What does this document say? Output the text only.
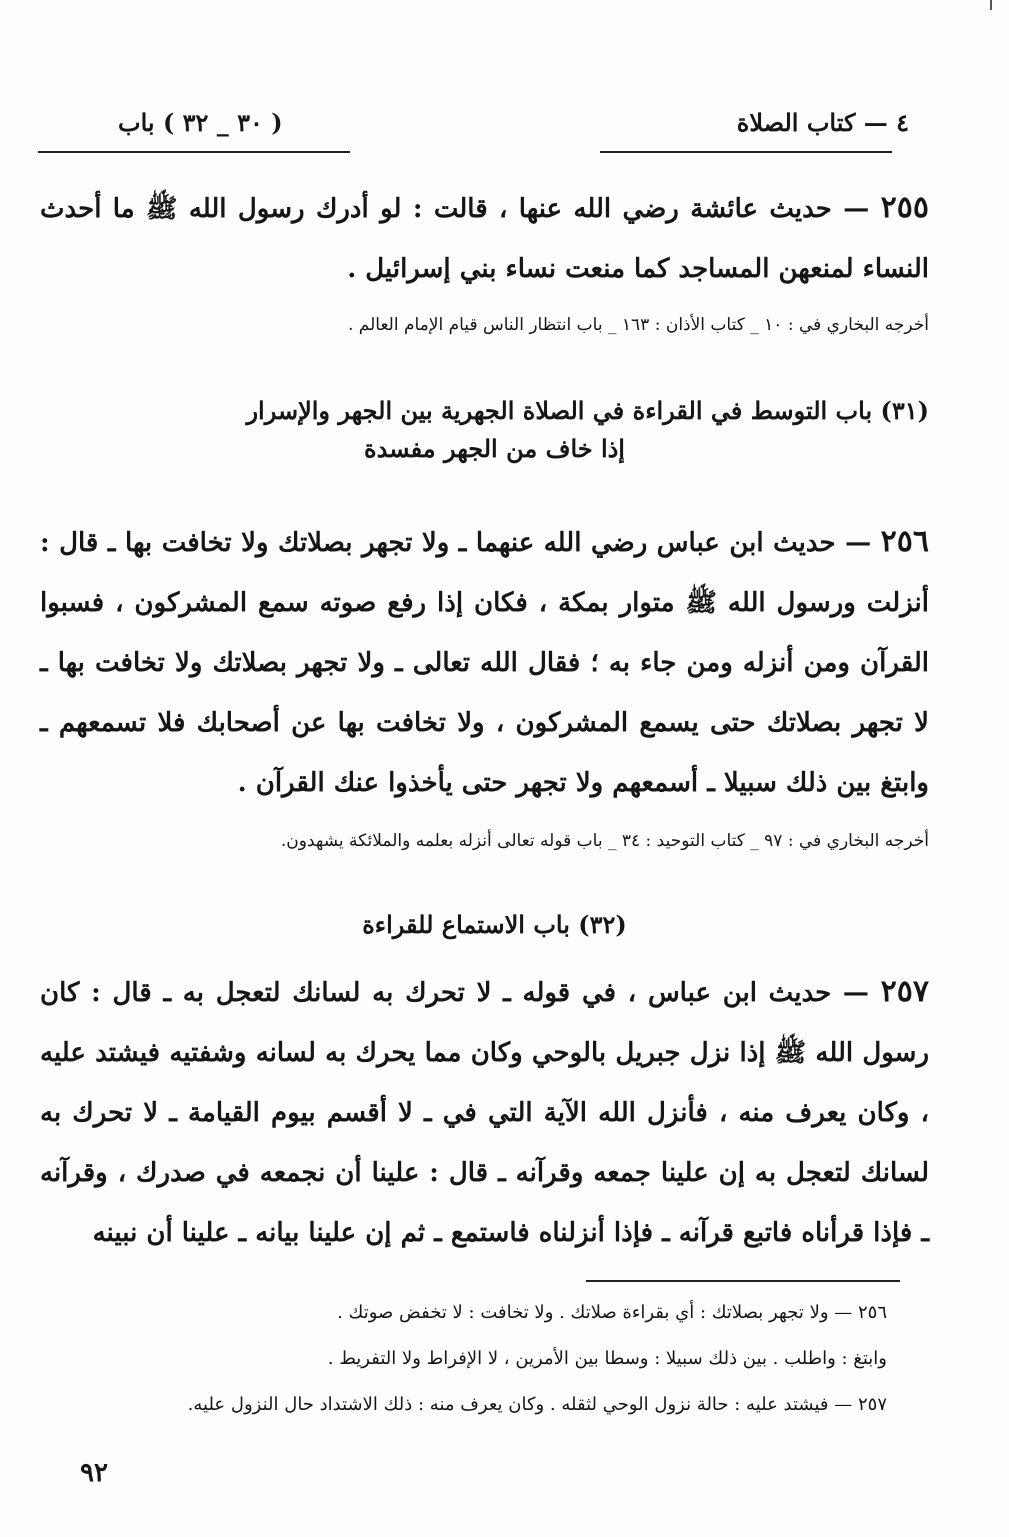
٤ — كتاب الصلاة
( ٣٠ _ ٣٢ ) باب
٢٥٥ — حديث عائشة رضي الله عنها ، قالت : لو أدرك رسول الله ﷺ ما أحدث النساء لمنعهن المساجد كما منعت نساء بني إسرائيل .
أخرجه البخاري في : ١٠ _ كتاب الأذان : ١٦٣ _ باب انتظار الناس قيام الإمام العالم .
(٣١) باب التوسط في القراءة في الصلاة الجهرية بين الجهر والإسرار
إذا خاف من الجهر مفسدة
٢٥٦ — حديث ابن عباس رضي الله عنهما ـ ولا تجهر بصلاتك ولا تخافت بها ـ قال : أنزلت ورسول الله ﷺ متوار بمكة ، فكان إذا رفع صوته سمع المشركون ، فسبوا القرآن ومن أنزله ومن جاء به ؛ فقال الله تعالى ـ ولا تجهر بصلاتك ولا تخافت بها ـ لا تجهر بصلاتك حتى يسمع المشركون ، ولا تخافت بها عن أصحابك فلا تسمعهم ـ وابتغ بين ذلك سبيلا ـ أسمعهم ولا تجهر حتى يأخذوا عنك القرآن .
أخرجه البخاري في : ٩٧ _ كتاب التوحيد : ٣٤ _ باب قوله تعالى أنزله بعلمه والملائكة يشهدون.
(٣٢) باب الاستماع للقراءة
٢٥٧ — حديث ابن عباس ، في قوله ـ لا تحرك به لسانك لتعجل به ـ قال : كان رسول الله ﷺ إذا نزل جبريل بالوحي وكان مما يحرك به لسانه وشفتيه فيشتد عليه ، وكان يعرف منه ، فأنزل الله الآية التي في ـ لا أقسم بيوم القيامة ـ لا تحرك به لسانك لتعجل به إن علينا جمعه وقرآنه ـ قال : علينا أن نجمعه في صدرك ، وقرآنه ـ فإذا قرأناه فاتبع قرآنه ـ فإذا أنزلناه فاستمع ـ ثم إن علينا بيانه ـ علينا أن نبينه
٢٥٦ — ولا تجهر بصلاتك : أي بقراءة صلاتك . ولا تخافت : لا تخفض صوتك .
وابتغ : واطلب . بين ذلك سبيلا : وسطا بين الأمرين ، لا الإفراط ولا التفريط .
٢٥٧ — فيشتد عليه : حالة نزول الوحي لثقله . وكان يعرف منه : ذلك الاشتداد حال النزول عليه.
٩٢
